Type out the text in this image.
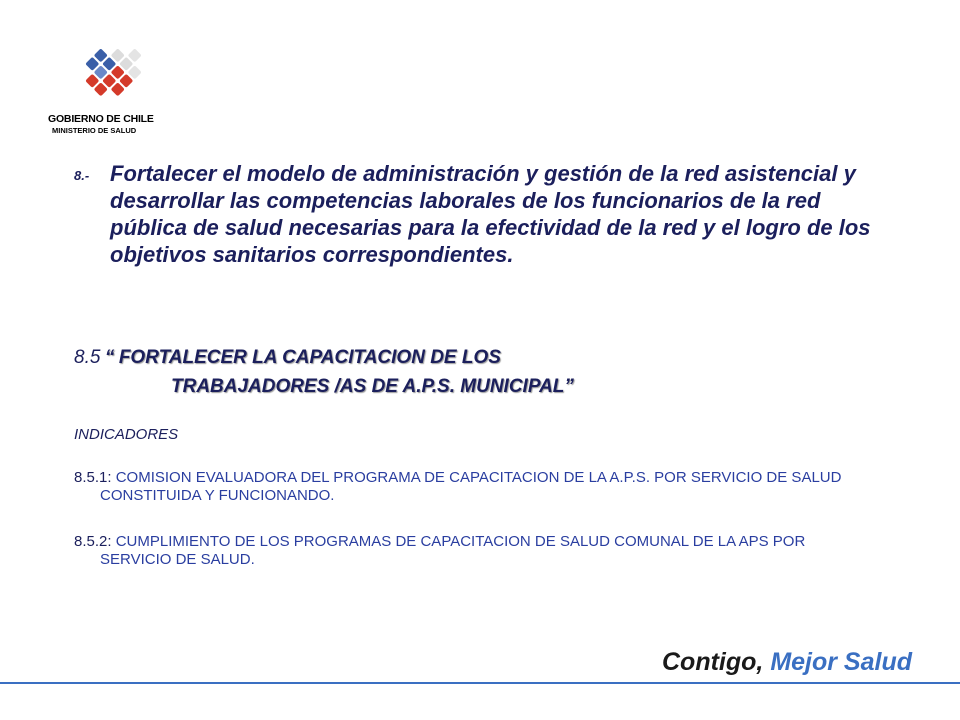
GOBIERNO DE CHILE
MINISTERIO DE SALUD
8.- Fortalecer el modelo de administración y gestión de la red asistencial y desarrollar las competencias laborales de los funcionarios de la red pública de salud necesarias para la efectividad de la red y el logro de los objetivos sanitarios correspondientes.

8.5 “ FORTALECER LA CAPACITACION DE LOS
TRABAJADORES /AS DE A.P.S. MUNICIPAL”
INDICADORES

8.5.1: COMISION EVALUADORA DEL PROGRAMA DE CAPACITACION DE LA A.P.S. POR SERVICIO DE SALUD CONSTITUIDA Y FUNCIONANDO.

8.5.2: CUMPLIMIENTO DE LOS PROGRAMAS DE CAPACITACION DE SALUD COMUNAL DE LA APS POR SERVICIO DE SALUD.

Contigo, Mejor Salud
